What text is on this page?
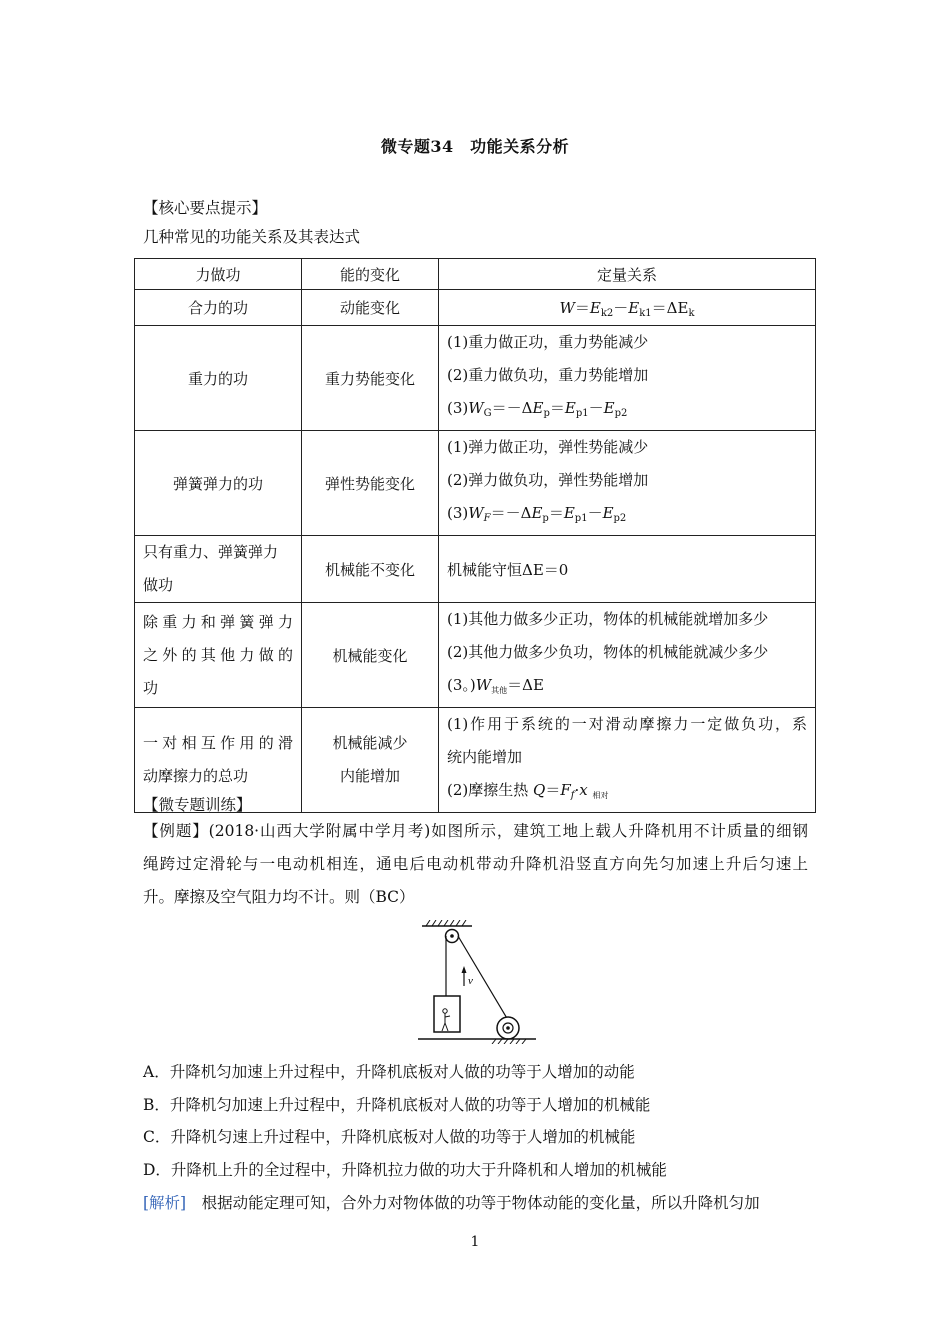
微专题34　功能关系分析
【核心要点提示】
几种常见的功能关系及其表达式
力做功	能的变化	定量关系
合力的功	动能变化	$W=E_{k2}-E_{k1}=\Delta E_k$
重力的功	重力势能变化	(1)重力做正功，重力势能减少
(2)重力做负功，重力势能增加
$(3)W_G=-\Delta E_p=E_{p1}-E_{p2}$

弹簧弹力的功	弹性势能变化	(1)弹力做正功，弹性势能减少
(2)弹力做负功，弹性势能增加
$(3)W_F=-\Delta E_p=E_{p1}-E_{p2}$

只有重力、弹簧弹力
做功	机械能不变化	机械能守恒ΔE＝0

除重力和弹簧弹力
之外的其他力做的
功	机械能变化	(1)其他力做多少正功，物体的机械能就增加多少
(2)其他力做多少负功，物体的机械能就减少多少
(3。)$W_{其他}=\Delta E$

一对相互作用的滑
动摩擦力的总功	机械能减少
内能增加	(1)作用于系统的一对滑动摩擦力一定做负功，系
统内能增加
(2)摩擦生热 $Q=F_f\cdot x$ $_{相对}$
【微专题训练】
【例题】(2018·山西大学附属中学月考)如图所示，建筑工地上载人升降机用不计质量的细钢
绳跨过定滑轮与一电动机相连，通电后电动机带动升降机沿竖直方向先匀加速上升后匀速上
升。摩擦及空气阻力均不计。则（BC）
v
A．升降机匀加速上升过程中，升降机底板对人做的功等于人增加的动能
B．升降机匀加速上升过程中，升降机底板对人做的功等于人增加的机械能
C．升降机匀速上升过程中，升降机底板对人做的功等于人增加的机械能
D．升降机上升的全过程中，升降机拉力做的功大于升降机和人增加的机械能
[解析]　根据动能定理可知，合外力对物体做的功等于物体动能的变化量，所以升降机匀加
1
